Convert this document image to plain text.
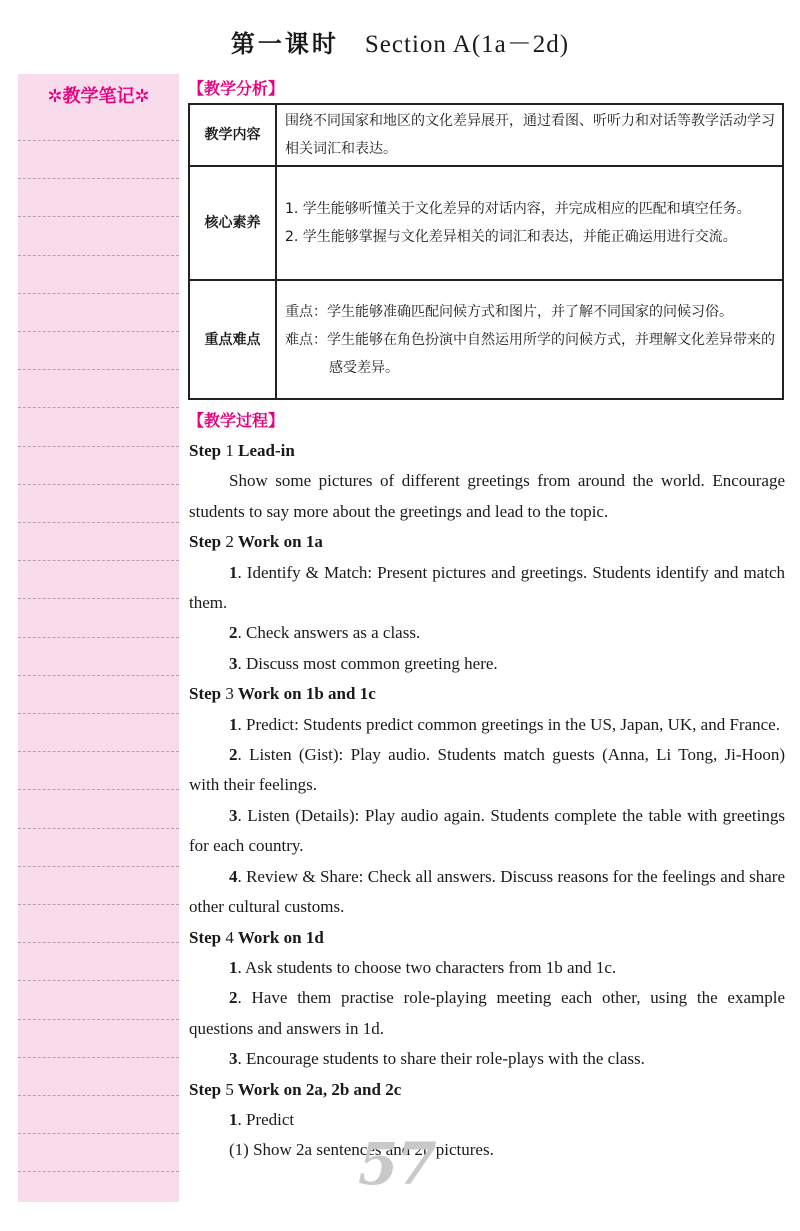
第一课时 Section A(1a－2d)
✲教学笔记✲	【教学分析】
教学内容	围绕不同国家和地区的文化差异展开，通过看图、听听力和对话等教学活动学习相关词汇和表达。

核心素养	1. 学生能够听懂关于文化差异的对话内容，并完成相应的匹配和填空任务。
2. 学生能够掌握与文化差异相关的词汇和表达，并能正确运用进行交流。

重点难点	重点：学生能够准确匹配问候方式和图片，并了解不同国家的问候习俗。
难点：学生能够在角色扮演中自然运用所学的问候方式，并理解文化差异带来的感受差异。
【教学过程】

Step 1 Lead-in

Show some pictures of different greetings from around the world. Encourage students to say more about the greetings and lead to the topic.

Step 2 Work on 1a

1. Identify & Match: Present pictures and greetings. Students identify and match them.

2. Check answers as a class.

3. Discuss most common greeting here.

Step 3 Work on 1b and 1c

1. Predict: Students predict common greetings in the US, Japan, UK, and France.

2. Listen (Gist): Play audio. Students match guests (Anna, Li Tong, Ji-Hoon) with their feelings.

3. Listen (Details): Play audio again. Students complete the table with greetings for each country.

4. Review & Share: Check all answers. Discuss reasons for the feelings and share other cultural customs.

Step 4 Work on 1d

1. Ask students to choose two characters from 1b and 1c.

2. Have them practise role-playing meeting each other, using the example questions and answers in 1d.

3. Encourage students to share their role-plays with the class.

Step 5 Work on 2a, 2b and 2c

1. Predict

(1) Show 2a sentences and 2b pictures.

57
